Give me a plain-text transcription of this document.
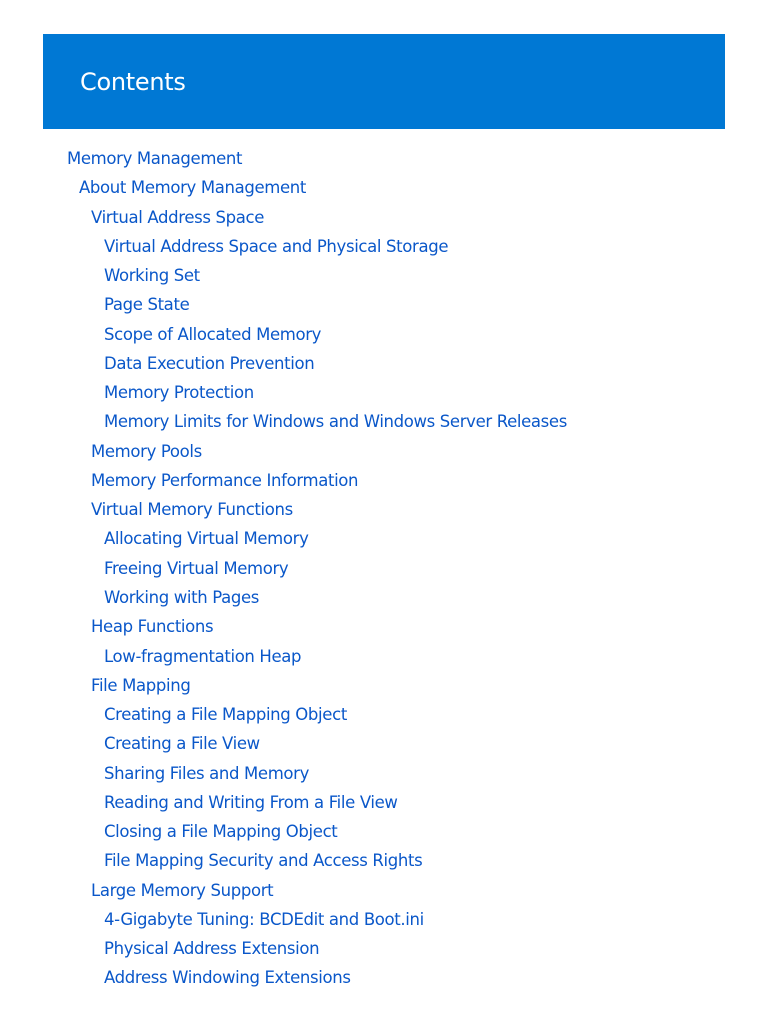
Contents
Memory Management
About Memory Management
Virtual Address Space
Virtual Address Space and Physical Storage
Working Set
Page State
Scope of Allocated Memory
Data Execution Prevention
Memory Protection
Memory Limits for Windows and Windows Server Releases
Memory Pools
Memory Performance Information
Virtual Memory Functions
Allocating Virtual Memory
Freeing Virtual Memory
Working with Pages
Heap Functions
Low-fragmentation Heap
File Mapping
Creating a File Mapping Object
Creating a File View
Sharing Files and Memory
Reading and Writing From a File View
Closing a File Mapping Object
File Mapping Security and Access Rights
Large Memory Support
4-Gigabyte Tuning: BCDEdit and Boot.ini
Physical Address Extension
Address Windowing Extensions
